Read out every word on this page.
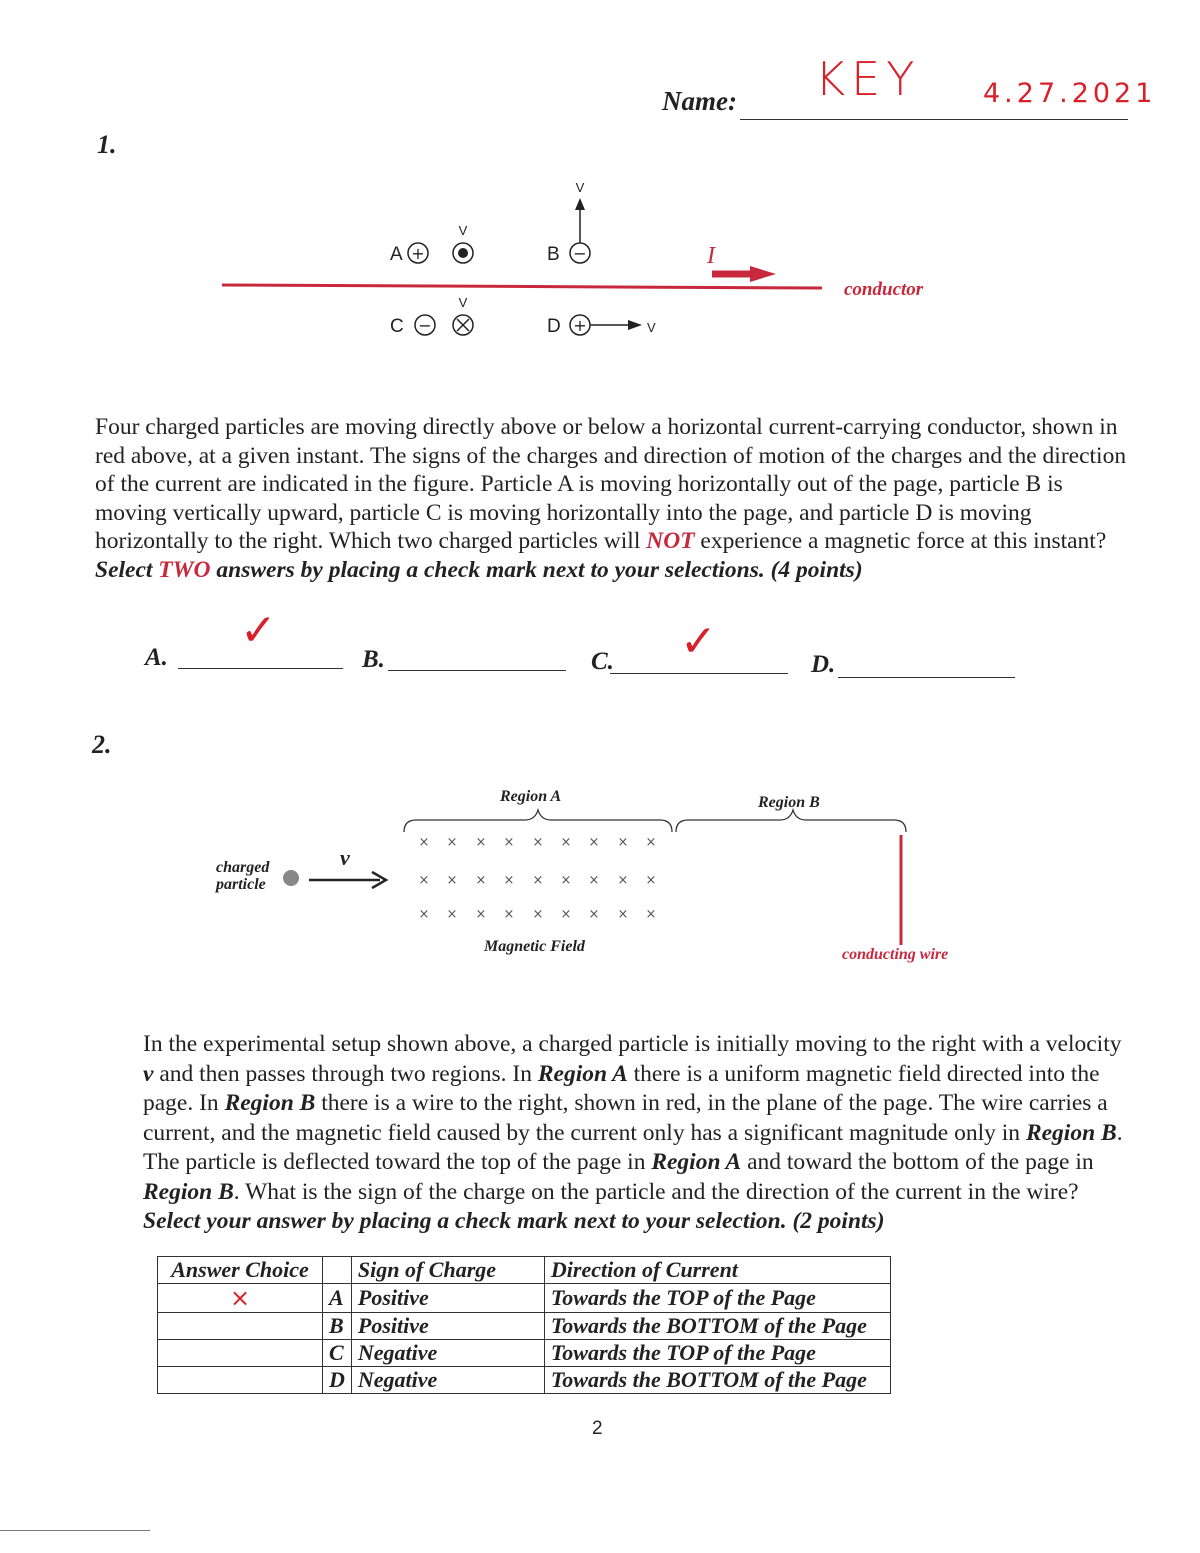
Name: KEY 4.27.2021
1.
A +
V
B −
V
C −
V
D +	V
I
conductor

Four charged particles are moving directly above or below a horizontal current-carrying conductor, shown in

red above, at a given instant. The signs of the charges and direction of motion of the charges and the direction

of the current are indicated in the figure. Particle A is moving horizontally out of the page, particle B is

moving vertically upward, particle C is moving horizontally into the page, and particle D is moving

horizontally to the right. Which two charged particles will NOT experience a magnetic force at this instant?

Select TWO answers by placing a check mark next to your selections. (4 points)

A.
✓
B.	C. ✓	D.
2.
× × × × × × × × ×
× × × × × × × × ×
× × × × × × × × ×
Region A	Region B
charged
particle
v
Magnetic Field	conducting wire

In the experimental setup shown above, a charged particle is initially moving to the right with a velocity

v and then passes through two regions. In Region A there is a uniform magnetic field directed into the

page. In Region B there is a wire to the right, shown in red, in the plane of the page. The wire carries a

current, and the magnetic field caused by the current only has a significant magnitude only in Region B.

The particle is deflected toward the top of the page in Region A and toward the bottom of the page in

Region B. What is the sign of the charge on the particle and the direction of the current in the wire?

Select your answer by placing a check mark next to your selection. (2 points)

Answer Choice		Sign of Charge	Direction of Current
×	A	Positive	Towards the TOP of the Page
	B	Positive	Towards the BOTTOM of the Page
	C	Negative	Towards the TOP of the Page
	D	Negative	Towards the BOTTOM of the Page
2
